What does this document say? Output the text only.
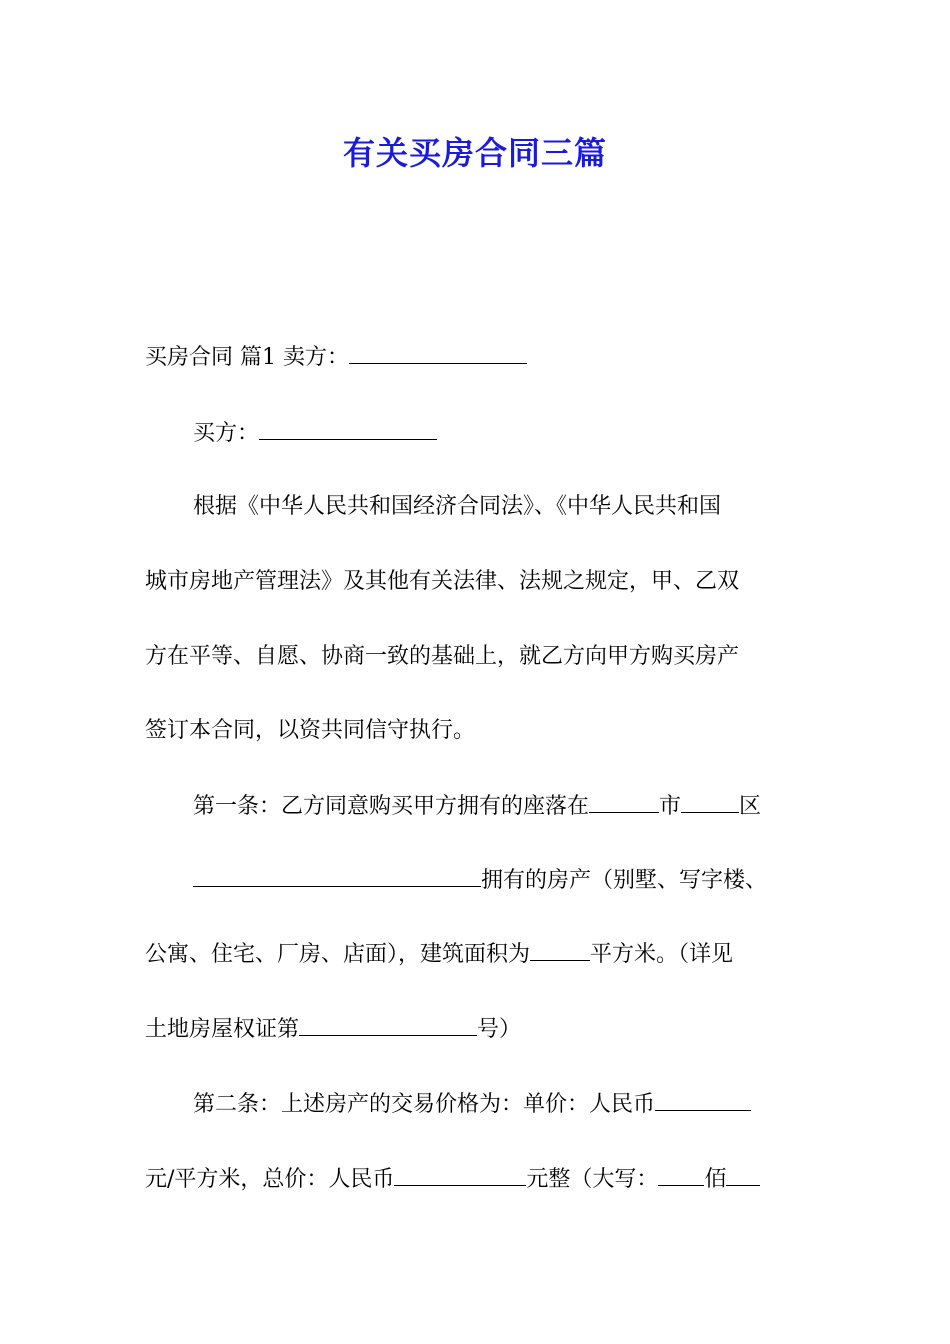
有关买房合同三篇
买房合同 篇1 卖方：
买方：
根据《中华人民共和国经济合同法》、《中华人民共和国
城市房地产管理法》及其他有关法律、法规之规定，甲、乙双
方在平等、自愿、协商一致的基础上，就乙方向甲方购买房产
签订本合同，以资共同信守执行。
第一条：乙方同意购买甲方拥有的座落在	市	区
拥有的房产（别墅、写字楼、
公寓、住宅、厂房、店面），建筑面积为	平方米。（详见
土地房屋权证第	号）
第二条：上述房产的交易价格为：单价：人民币
元/平方米，总价：人民币	元整（大写： 佰
